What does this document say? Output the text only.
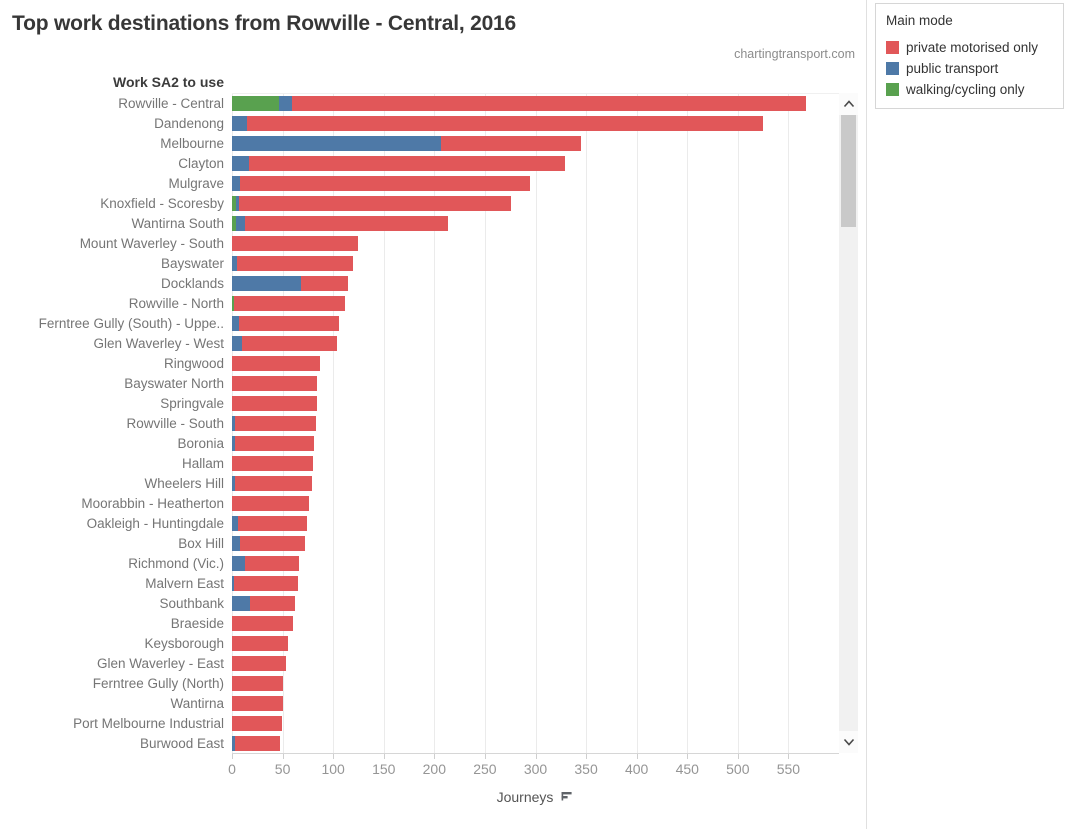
Top work destinations from Rowville - Central, 2016
chartingtransport.com
Work SA2 to use
Rowville - Central
Dandenong
Melbourne
Clayton
Mulgrave
Knoxfield - Scoresby
Wantirna South
Mount Waverley - South
Bayswater
Docklands
Rowville - North
Ferntree Gully (South) - Uppe..
Glen Waverley - West
Ringwood
Bayswater North
Springvale
Rowville - South
Boronia
Hallam
Wheelers Hill
Moorabbin - Heatherton
Oakleigh - Huntingdale
Box Hill
Richmond (Vic.)
Malvern East
Southbank
Braeside
Keysborough
Glen Waverley - East
Ferntree Gully (North)
Wantirna
Port Melbourne Industrial
Burwood East
0	50 100 150 200 250 300 350 400 450 500 550
Journeys
Main mode
private motorised only
public transport
walking/cycling only
